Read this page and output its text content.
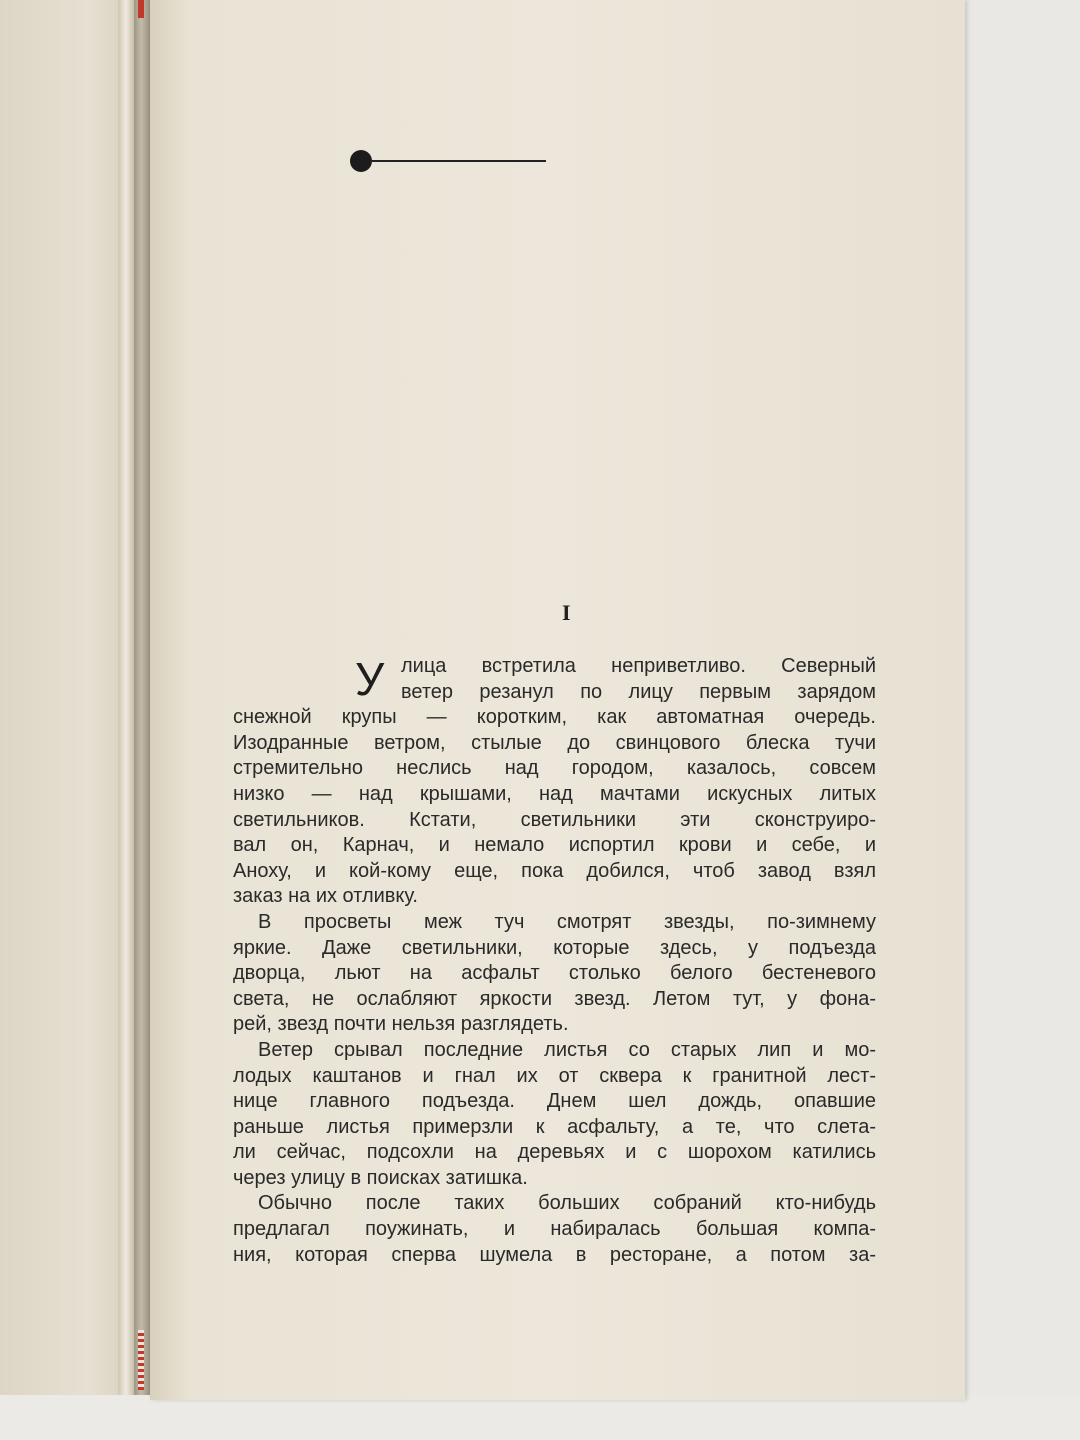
I
У лица встретила неприветливо. Северный
ветер резанул по лицу первым зарядом
снежной крупы — коротким, как автоматная очередь.
Изодранные ветром, стылые до свинцового блеска тучи
стремительно неслись над городом, казалось, совсем
низко — над крышами, над мачтами искусных литых
светильников. Кстати, светильники эти сконструиро-
вал он, Карнач, и немало испортил крови и себе, и
Аноху, и кой-кому еще, пока добился, чтоб завод взял
заказ на их отливку.
В просветы меж туч смотрят звезды, по-зимнему
яркие. Даже светильники, которые здесь, у подъезда
дворца, льют на асфальт столько белого бестеневого
света, не ослабляют яркости звезд. Летом тут, у фона-
рей, звезд почти нельзя разглядеть.
Ветер срывал последние листья со старых лип и мо-
лодых каштанов и гнал их от сквера к гранитной лест-
нице главного подъезда. Днем шел дождь, опавшие
раньше листья примерзли к асфальту, а те, что слета-
ли сейчас, подсохли на деревьях и с шорохом катились
через улицу в поисках затишка.
Обычно после таких больших собраний кто-нибудь
предлагал поужинать, и набиралась большая компа-
ния, которая сперва шумела в ресторане, а потом за-
